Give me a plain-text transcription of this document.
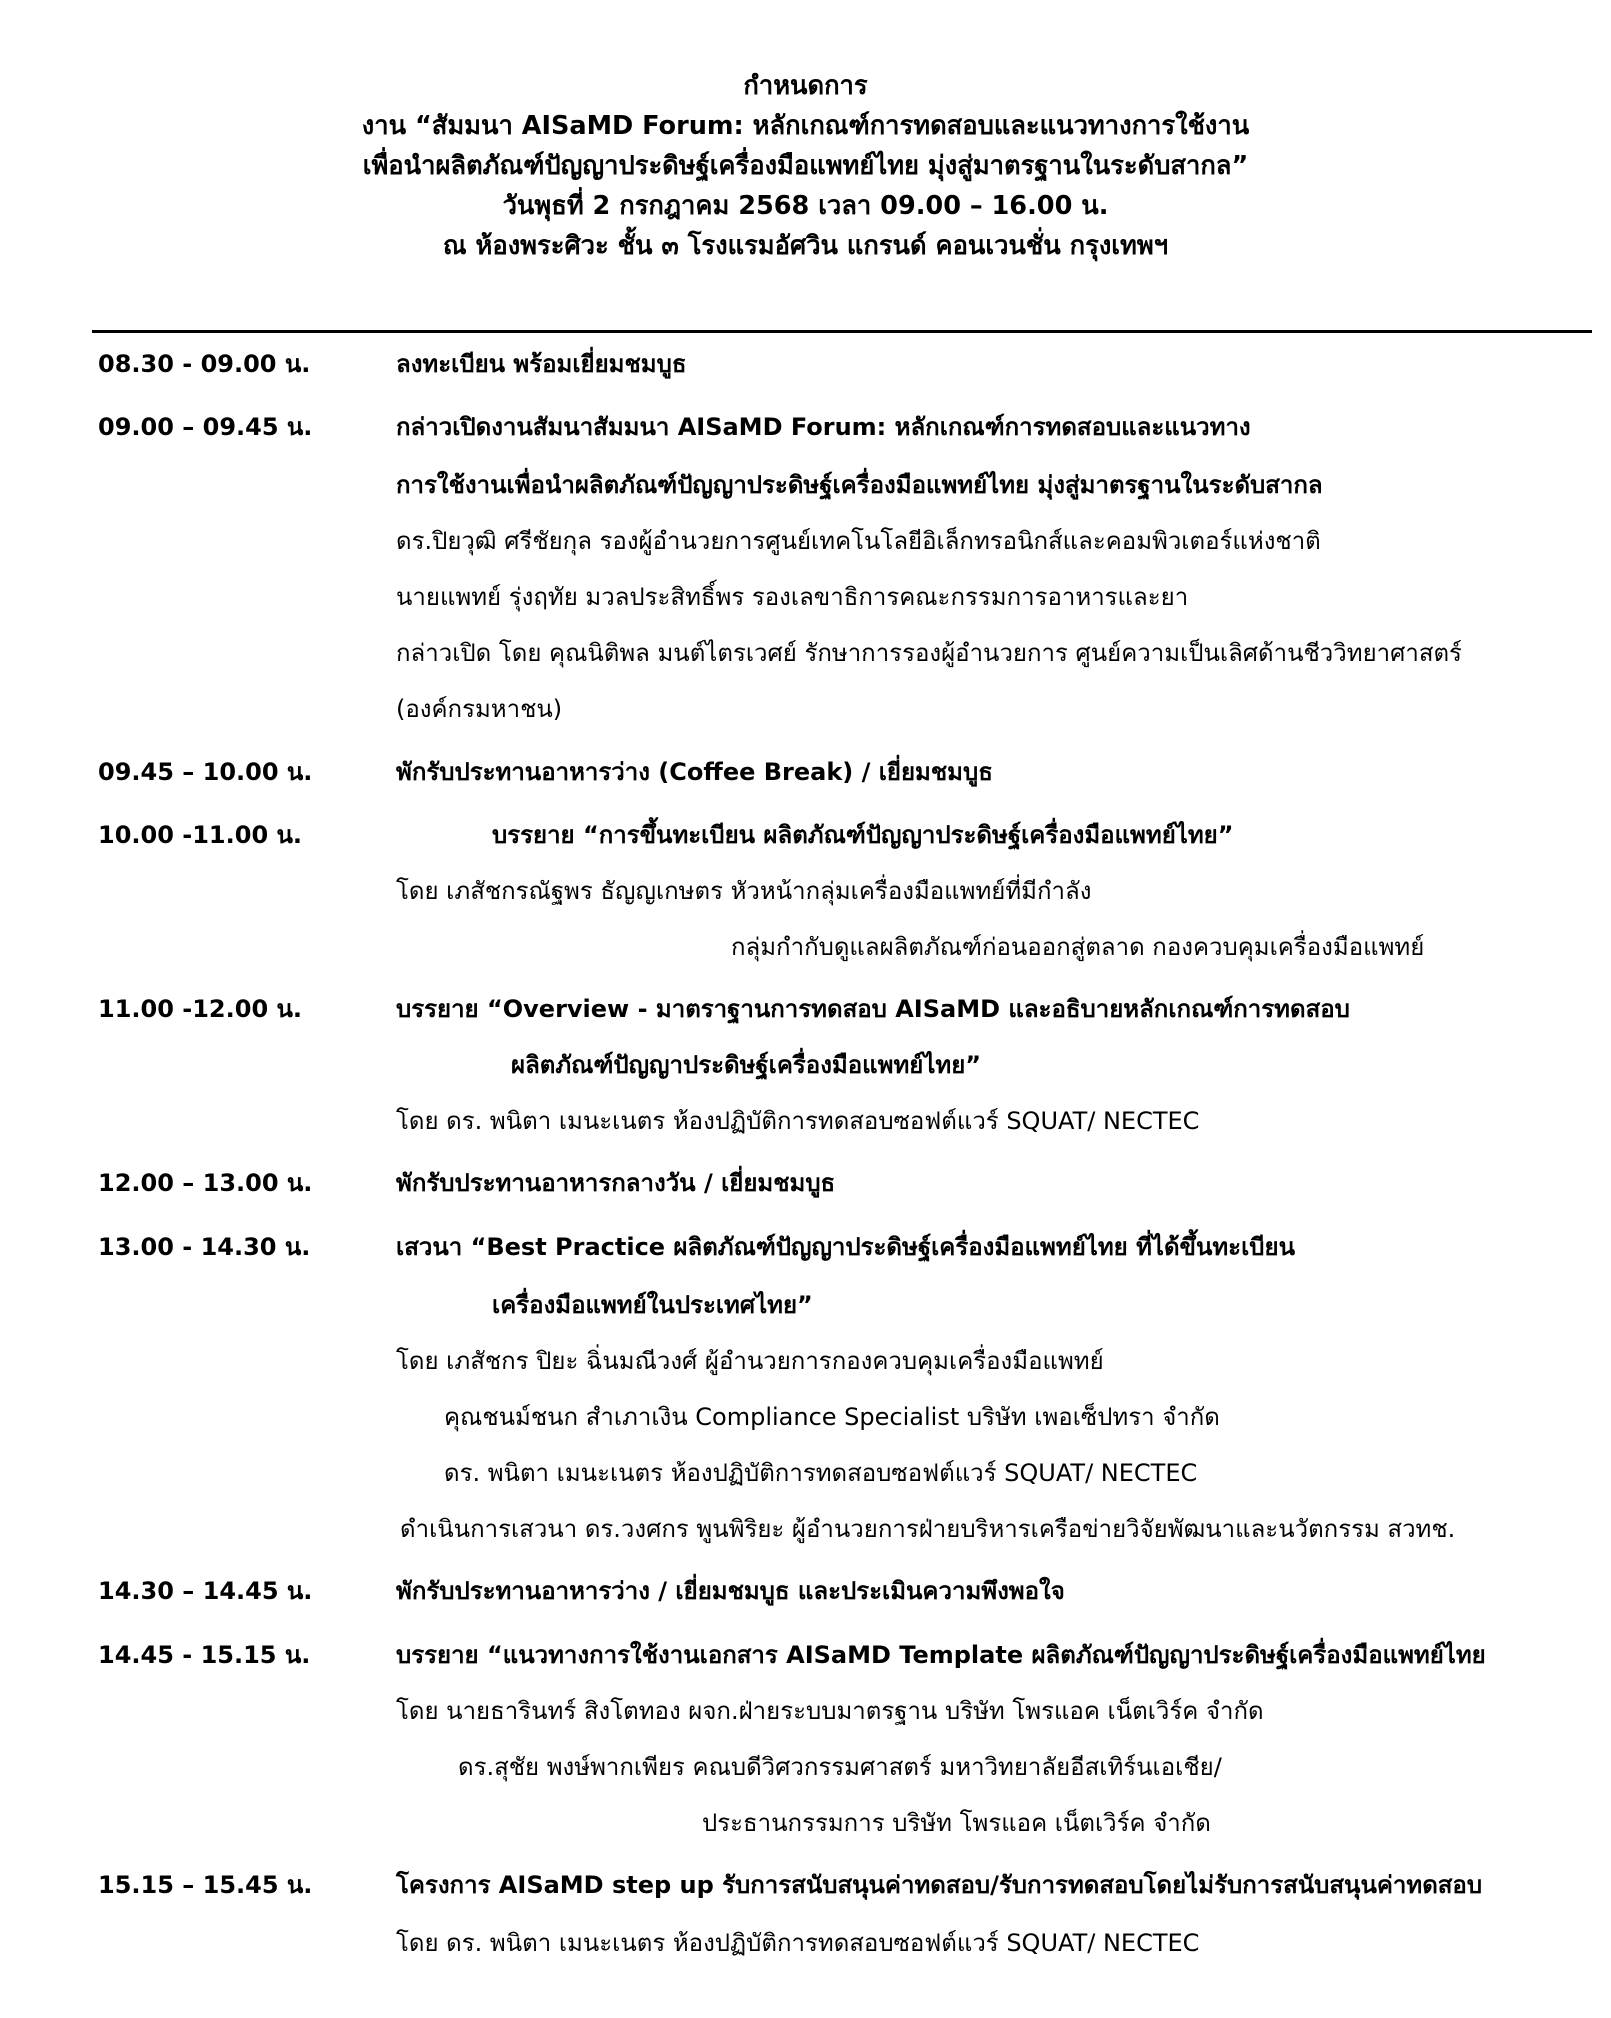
กำหนดการ
งาน “สัมมนา AISaMD Forum: หลักเกณฑ์การทดสอบและแนวทางการใช้งาน
เพื่อนำผลิตภัณฑ์ปัญญาประดิษฐ์เครื่องมือแพทย์ไทย มุ่งสู่มาตรฐานในระดับสากล”
วันพุธที่ 2 กรกฎาคม 2568 เวลา 09.00 – 16.00 น.
ณ ห้องพระศิวะ ชั้น ๓ โรงแรมอัศวิน แกรนด์ คอนเวนชั่น กรุงเทพฯ
08.30 - 09.00 น.	ลงทะเบียน พร้อมเยี่ยมชมบูธ
09.00 – 09.45 น.	กล่าวเปิดงานสัมนาสัมมนา AISaMD Forum: หลักเกณฑ์การทดสอบและแนวทาง
การใช้งานเพื่อนำผลิตภัณฑ์ปัญญาประดิษฐ์เครื่องมือแพทย์ไทย มุ่งสู่มาตรฐานในระดับสากล
ดร.ปิยวุฒิ ศรีชัยกุล รองผู้อำนวยการศูนย์เทคโนโลยีอิเล็กทรอนิกส์และคอมพิวเตอร์แห่งชาติ
นายแพทย์ รุ่งฤทัย มวลประสิทธิ์พร รองเลขาธิการคณะกรรมการอาหารและยา
กล่าวเปิด โดย คุณนิติพล มนต์ไตรเวศย์ รักษาการรองผู้อำนวยการ ศูนย์ความเป็นเลิศด้านชีววิทยาศาสตร์
(องค์กรมหาชน)
09.45 – 10.00 น.	พักรับประทานอาหารว่าง (Coffee Break) / เยี่ยมชมบูธ
10.00 -11.00 น.	บรรยาย “การขึ้นทะเบียน ผลิตภัณฑ์ปัญญาประดิษฐ์เครื่องมือแพทย์ไทย”
โดย เภสัชกรณัฐพร ธัญญเกษตร หัวหน้ากลุ่มเครื่องมือแพทย์ที่มีกำลัง
กลุ่มกำกับดูแลผลิตภัณฑ์ก่อนออกสู่ตลาด กองควบคุมเครื่องมือแพทย์
11.00 -12.00 น.	บรรยาย “Overview - มาตราฐานการทดสอบ AISaMD และอธิบายหลักเกณฑ์การทดสอบ
ผลิตภัณฑ์ปัญญาประดิษฐ์เครื่องมือแพทย์ไทย”
โดย ดร. พนิตา เมนะเนตร ห้องปฏิบัติการทดสอบซอฟต์แวร์ SQUAT/ NECTEC
12.00 – 13.00 น.	พักรับประทานอาหารกลางวัน / เยี่ยมชมบูธ
13.00 - 14.30 น.	เสวนา “Best Practice ผลิตภัณฑ์ปัญญาประดิษฐ์เครื่องมือแพทย์ไทย ที่ได้ขึ้นทะเบียน
เครื่องมือแพทย์ในประเทศไทย”
โดย เภสัชกร ปิยะ ฉิ่นมณีวงศ์ ผู้อำนวยการกองควบคุมเครื่องมือแพทย์
คุณชนม์ชนก สำเภาเงิน Compliance Specialist บริษัท เพอเซ็ปทรา จำกัด
ดร. พนิตา เมนะเนตร ห้องปฏิบัติการทดสอบซอฟต์แวร์ SQUAT/ NECTEC
ดำเนินการเสวนา ดร.วงศกร พูนพิริยะ ผู้อำนวยการฝ่ายบริหารเครือข่ายวิจัยพัฒนาและนวัตกรรม สวทช.
14.30 – 14.45 น.	พักรับประทานอาหารว่าง / เยี่ยมชมบูธ และประเมินความพึงพอใจ
14.45 - 15.15 น.	บรรยาย “แนวทางการใช้งานเอกสาร AISaMD Template ผลิตภัณฑ์ปัญญาประดิษฐ์เครื่องมือแพทย์ไทย
โดย นายธารินทร์ สิงโตทอง ผจก.ฝ่ายระบบมาตรฐาน บริษัท โพรแอค เน็ตเวิร์ค จำกัด
ดร.สุชัย พงษ์พากเพียร คณบดีวิศวกรรมศาสตร์ มหาวิทยาลัยอีสเทิร์นเอเชีย/
ประธานกรรมการ บริษัท โพรแอค เน็ตเวิร์ค จำกัด
15.15 – 15.45 น.	โครงการ AISaMD step up รับการสนับสนุนค่าทดสอบ/รับการทดสอบโดยไม่รับการสนับสนุนค่าทดสอบ
โดย ดร. พนิตา เมนะเนตร ห้องปฏิบัติการทดสอบซอฟต์แวร์ SQUAT/ NECTEC
